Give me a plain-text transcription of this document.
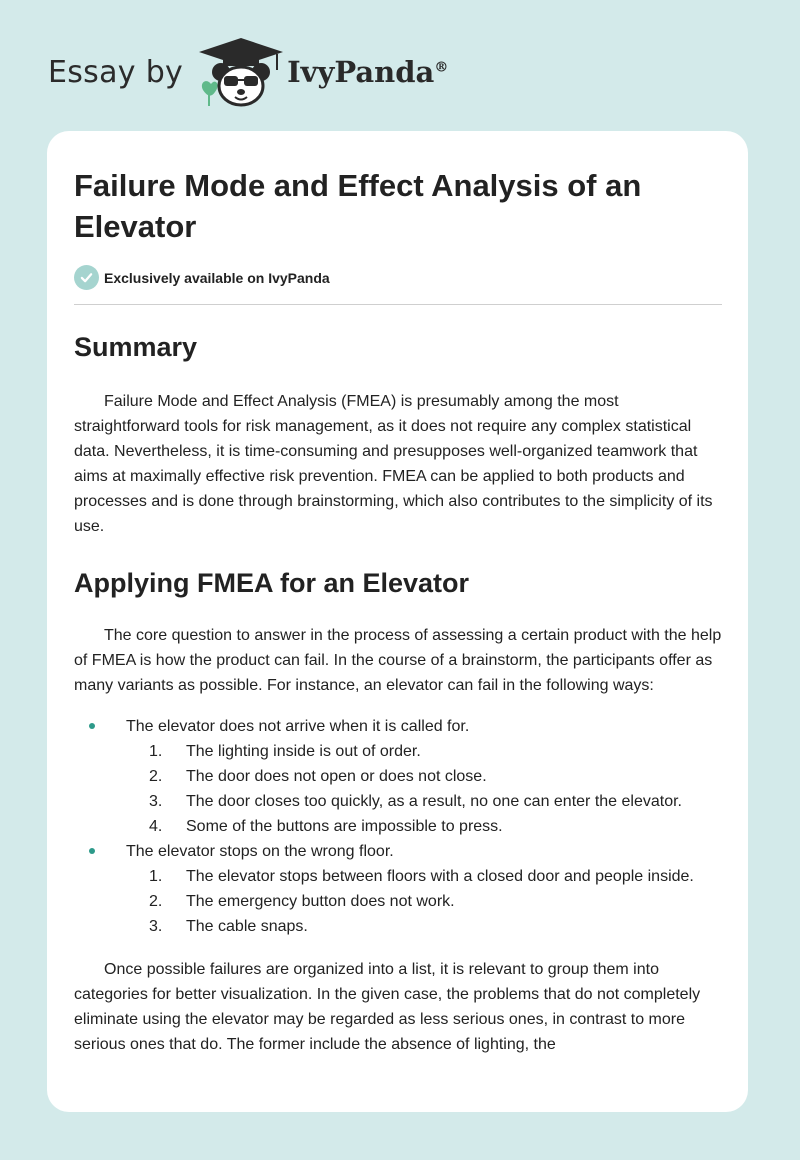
Essay by	IvyPanda®
Failure Mode and Effect Analysis of an Elevator
Exclusively available on IvyPanda
Summary

Failure Mode and Effect Analysis (FMEA) is presumably among the most straightforward tools for risk management, as it does not require any complex statistical data. Nevertheless, it is time-consuming and presupposes well-organized teamwork that aims at maximally effective risk prevention. FMEA can be applied to both products and processes and is done through brainstorming, which also contributes to the simplicity of its use.

Applying FMEA for an Elevator

The core question to answer in the process of assessing a certain product with the help of FMEA is how the product can fail. In the course of a brainstorm, the participants offer as many variants as possible. For instance, an elevator can fail in the following ways:

The elevator does not arrive when it is called for.
1. The lighting inside is out of order.
2. The door does not open or does not close.
3. The door closes too quickly, as a result, no one can enter the elevator.
4. Some of the buttons are impossible to press.
The elevator stops on the wrong floor.
1. The elevator stops between floors with a closed door and people inside.
2. The emergency button does not work.
3. The cable snaps.

Once possible failures are organized into a list, it is relevant to group them into categories for better visualization. In the given case, the problems that do not completely eliminate using the elevator may be regarded as less serious ones, in contrast to more serious ones that do. The former include the absence of lighting, the
